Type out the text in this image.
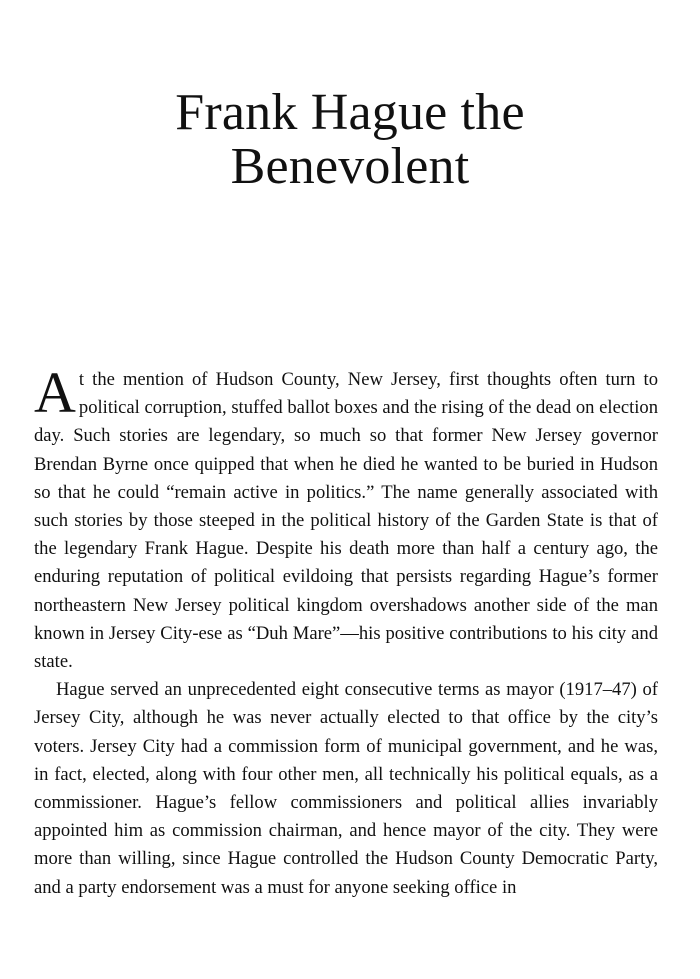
Frank Hague the
Benevolent

At the mention of Hudson County, New Jersey, first thoughts often turn to political corruption, stuffed ballot boxes and the rising of the dead on election day. Such stories are legendary, so much so that former New Jersey governor Brendan Byrne once quipped that when he died he wanted to be buried in Hudson so that he could “remain active in politics.” The name generally associated with such stories by those steeped in the political history of the Garden State is that of the legendary Frank Hague. Despite his death more than half a century ago, the enduring reputation of political evildoing that persists regarding Hague’s former northeastern New Jersey political kingdom overshadows another side of the man known in Jersey City-ese as “Duh Mare”—his positive contributions to his city and state.

Hague served an unprecedented eight consecutive terms as mayor (1917–47) of Jersey City, although he was never actually elected to that office by the city’s voters. Jersey City had a commission form of municipal government, and he was, in fact, elected, along with four other men, all technically his political equals, as a commissioner. Hague’s fellow commissioners and political allies invariably appointed him as commission chairman, and hence mayor of the city. They were more than willing, since Hague controlled the Hudson County Democratic Party, and a party endorsement was a must for anyone seeking office in
